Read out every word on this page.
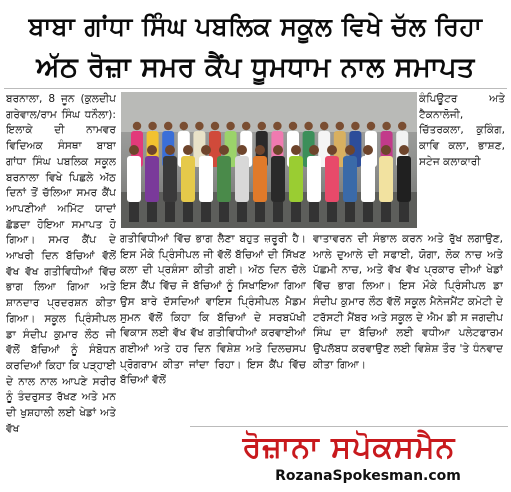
ਬਾਬਾ ਗਾਂਧਾ ਸਿੰਘ ਪਬਲਿਕ ਸਕੂਲ ਵਿਖੇ ਚੱਲ ਰਿਹਾ
ਅੱਠ ਰੋਜ਼ਾ ਸਮਰ ਕੈਂਪ ਧੂਮਧਾਮ ਨਾਲ ਸਮਾਪਤ

ਬਰਨਾਲਾ, 8 ਜੂਨ (ਕੁਲਦੀਪ ਗਰੇਵਾਲ/ਰਾਮ ਸਿੰਘ ਧਨੌਲਾ): ਇਲਾਕੇ ਦੀ ਨਾਮਵਰ ਵਿਦਿਅਕ ਸੰਸਥਾ ਬਾਬਾ ਗਾਂਧਾ ਸਿੰਘ ਪਬਲਿਕ ਸਕੂਲ ਬਰਨਾਲਾ ਵਿਖੇ ਪਿਛਲੇ ਅੱਠ ਦਿਨਾਂ ਤੋਂ ਚੱਲਿਆ ਸਮਰ ਕੈਂਪ ਆਪਣੀਆਂ ਅਮਿੱਟ ਯਾਦਾਂ ਛੱਡਦਾ ਹੋਇਆ ਸਮਾਪਤ ਹੋ ਗਿਆ। ਸਮਰ ਕੈਂਪ ਦੇ ਆਖਰੀ ਦਿਨ ਬੱਚਿਆਂ ਵੱਲੋਂ ਵੱਖ ਵੱਖ ਗਤੀਵਿਧੀਆਂ ਵਿੱਚ ਭਾਗ ਲਿਆ ਗਿਆ ਅਤੇ ਸ਼ਾਨਦਾਰ ਪ੍ਰਦਰਸ਼ਨ ਕੀਤਾ ਗਿਆ। ਸਕੂਲ ਪ੍ਰਿੰਸੀਪਲ ਡਾ ਸੰਦੀਪ ਕੁਮਾਰ ਲੌਠ ਜੀ ਵੱਲੋਂ ਬੱਚਿਆਂ ਨੂੰ ਸੰਬੋਧਨ ਕਰਦਿਆਂ ਕਿਹਾ ਕਿ ਪੜ੍ਹਾਈ ਦੇ ਨਾਲ ਨਾਲ ਆਪਣੇ ਸਰੀਰ ਨੂੰ ਤੰਦਰੁਸਤ ਰੱਖਣ ਅਤੇ ਮਨ ਦੀ ਖੁਸ਼ਹਾਲੀ ਲਈ ਖੇਡਾਂ ਅਤੇ ਵੱਖ

ਕੰਪਿਊਟਰ ਅਤੇ ਟੈਕਨਾਲੋਜੀ, ਚਿੱਤਰਕਲਾ, ਕੁਕਿੰਗ, ਕਾਵਿ ਕਲਾ, ਭਾਸ਼ਣ, ਸਟੇਜ ਕਲਾਕਾਰੀ

ਗਤੀਵਿਧੀਆਂ ਵਿੱਚ ਭਾਗ ਲੈਣਾ ਬਹੁਤ ਜ਼ਰੂਰੀ ਹੈ। ਇਸ ਮੌਕੇ ਪ੍ਰਿੰਸੀਪਲ ਜੀ ਵੱਲੋਂ ਬੱਚਿਆਂ ਦੀ ਸਿੱਖਣ ਕਲਾ ਦੀ ਪ੍ਰਸ਼ੰਸਾ ਕੀਤੀ ਗਈ। ਅੱਠ ਦਿਨ ਚੱਲੇ ਇਸ ਕੈਂਪ ਵਿੱਚ ਜੋ ਬੱਚਿਆਂ ਨੂੰ ਸਿਖਾਇਆ ਗਿਆ ਉਸ ਬਾਰੇ ਦੱਸਦਿਆਂ ਵਾਇਸ ਪ੍ਰਿੰਸੀਪਲ ਮੈਡਮ ਸੁਮਨ ਵੱਲੋਂ ਕਿਹਾ ਕਿ ਬੱਚਿਆਂ ਦੇ ਸਰਬਪੱਖੀ ਵਿਕਾਸ ਲਈ ਵੱਖ ਵੱਖ ਗਤੀਵਿਧੀਆਂ ਕਰਵਾਈਆਂ ਗਈਆਂ ਅਤੇ ਹਰ ਦਿਨ ਵਿਸ਼ੇਸ਼ ਅਤੇ ਦਿਲਚਸਪ ਪ੍ਰੋਗਰਾਮ ਕੀਤਾ ਜਾਂਦਾ ਰਿਹਾ। ਇਸ ਕੈਂਪ ਵਿੱਚ ਬੱਚਿਆਂ ਵੱਲੋਂ

ਵਾਤਾਵਰਨ ਦੀ ਸੰਭਾਲ ਕਰਨ ਅਤੇ ਰੁੱਖ ਲਗਾਉਣ, ਆਲੇ ਦੁਆਲੇ ਦੀ ਸਫਾਈ, ਯੋਗਾ, ਲੋਕ ਨਾਚ ਅਤੇ ਪੱਛਮੀ ਨਾਚ, ਅਤੇ ਵੱਖ ਵੱਖ ਪ੍ਰਕਾਰ ਦੀਆਂ ਖੇਡਾਂ ਵਿੱਚ ਭਾਗ ਲਿਆ। ਇਸ ਮੌਕੇ ਪ੍ਰਿੰਸੀਪਲ ਡਾ ਸੰਦੀਪ ਕੁਮਾਰ ਲੌਠ ਵੱਲੋਂ ਸਕੂਲ ਮੈਨੇਜਮੈਂਟ ਕਮੇਟੀ ਦੇ ਟਰੱਸਟੀ ਮੈਂਬਰ ਅਤੇ ਸਕੂਲ ਦੇ ਐਮ ਡੀ ਸ ਜਗਦੀਪ ਸਿੰਘ ਦਾ ਬੱਚਿਆਂ ਲਈ ਵਧੀਆ ਪਲੇਟਫਾਰਮ ਉਪਲੱਬਧ ਕਰਵਾਉਣ ਲਈ ਵਿਸ਼ੇਸ਼ ਤੌਰ 'ਤੇ ਧੰਨਵਾਦ ਕੀਤਾ ਗਿਆ।

ਰੋਜ਼ਾਨਾ ਸਪੋਕਸਮੈਨ
RozanaSpokesman.com
